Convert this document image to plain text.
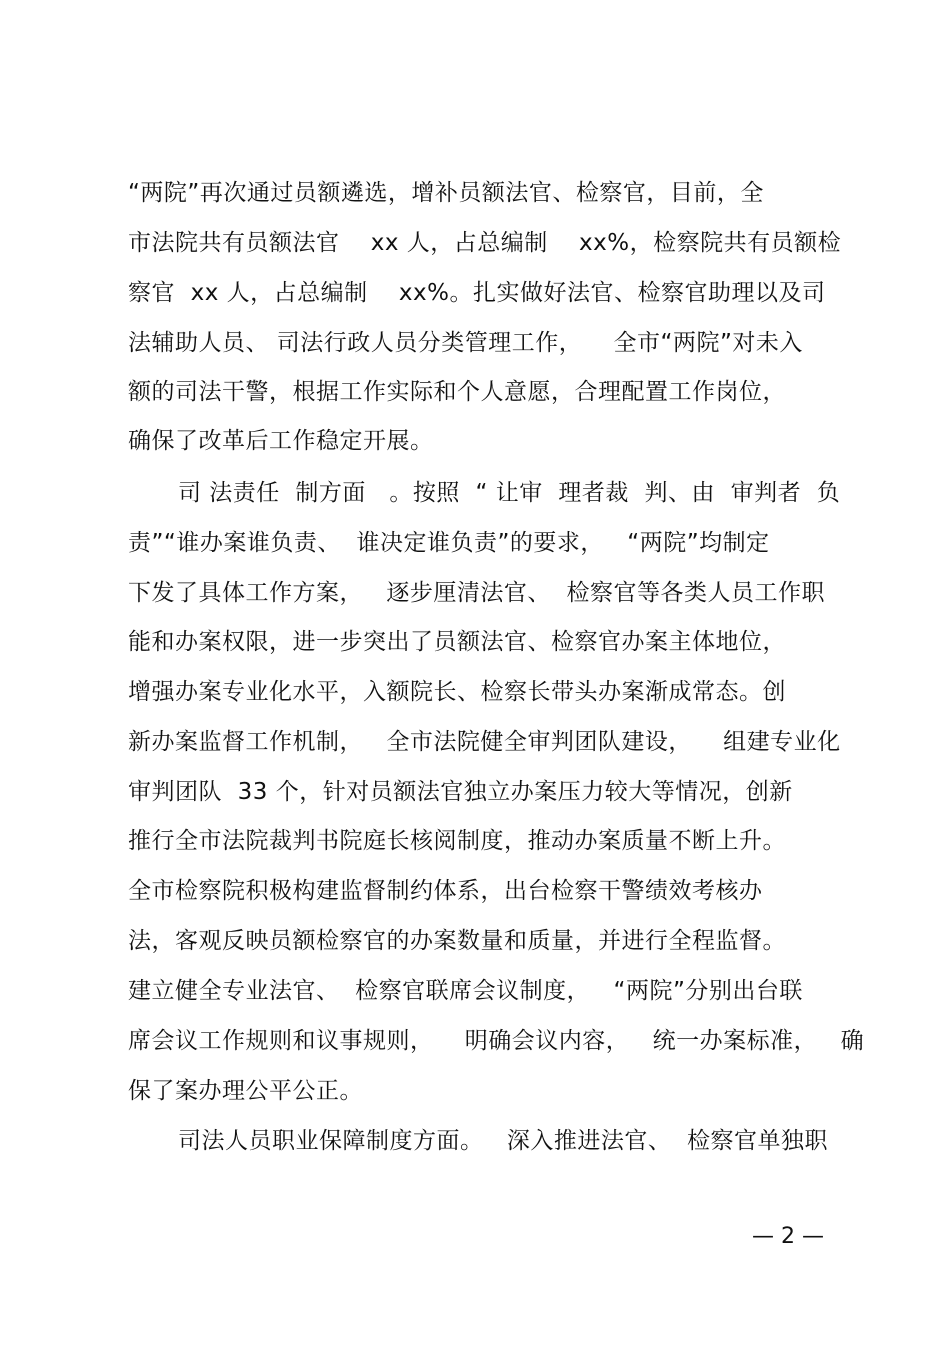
“两院”再次通过员额遴选，增补员额法官、检察官，目前，全
市法院共有员额法官    xx 人，占总编制    xx%，检察院共有员额检
察官  xx 人，占总编制    xx%。扎实做好法官、检察官助理以及司
法辅助人员、 司法行政人员分类管理工作，    全市“两院”对未入
额的司法干警，根据工作实际和个人意愿，合理配置工作岗位，
确保了改革后工作稳定开展。
司 法责任  制方面   。按照  “ 让审  理者裁  判、由  审判者  负
责”“谁办案谁负责、  谁决定谁负责”的要求，   “两院”均制定
下发了具体工作方案，   逐步厘清法官、  检察官等各类人员工作职
能和办案权限，进一步突出了员额法官、检察官办案主体地位，
增强办案专业化水平，入额院长、检察长带头办案渐成常态。创
新办案监督工作机制，   全市法院健全审判团队建设，    组建专业化
审判团队  33 个，针对员额法官独立办案压力较大等情况，创新
推行全市法院裁判书院庭长核阅制度，推动办案质量不断上升。
全市检察院积极构建监督制约体系，出台检察干警绩效考核办
法，客观反映员额检察官的办案数量和质量，并进行全程监督。
建立健全专业法官、  检察官联席会议制度，   “两院”分别出台联
席会议工作规则和议事规则，    明确会议内容，   统一办案标准，   确
保了案办理公平公正。
司法人员职业保障制度方面。   深入推进法官、  检察官单独职
— 2 —
